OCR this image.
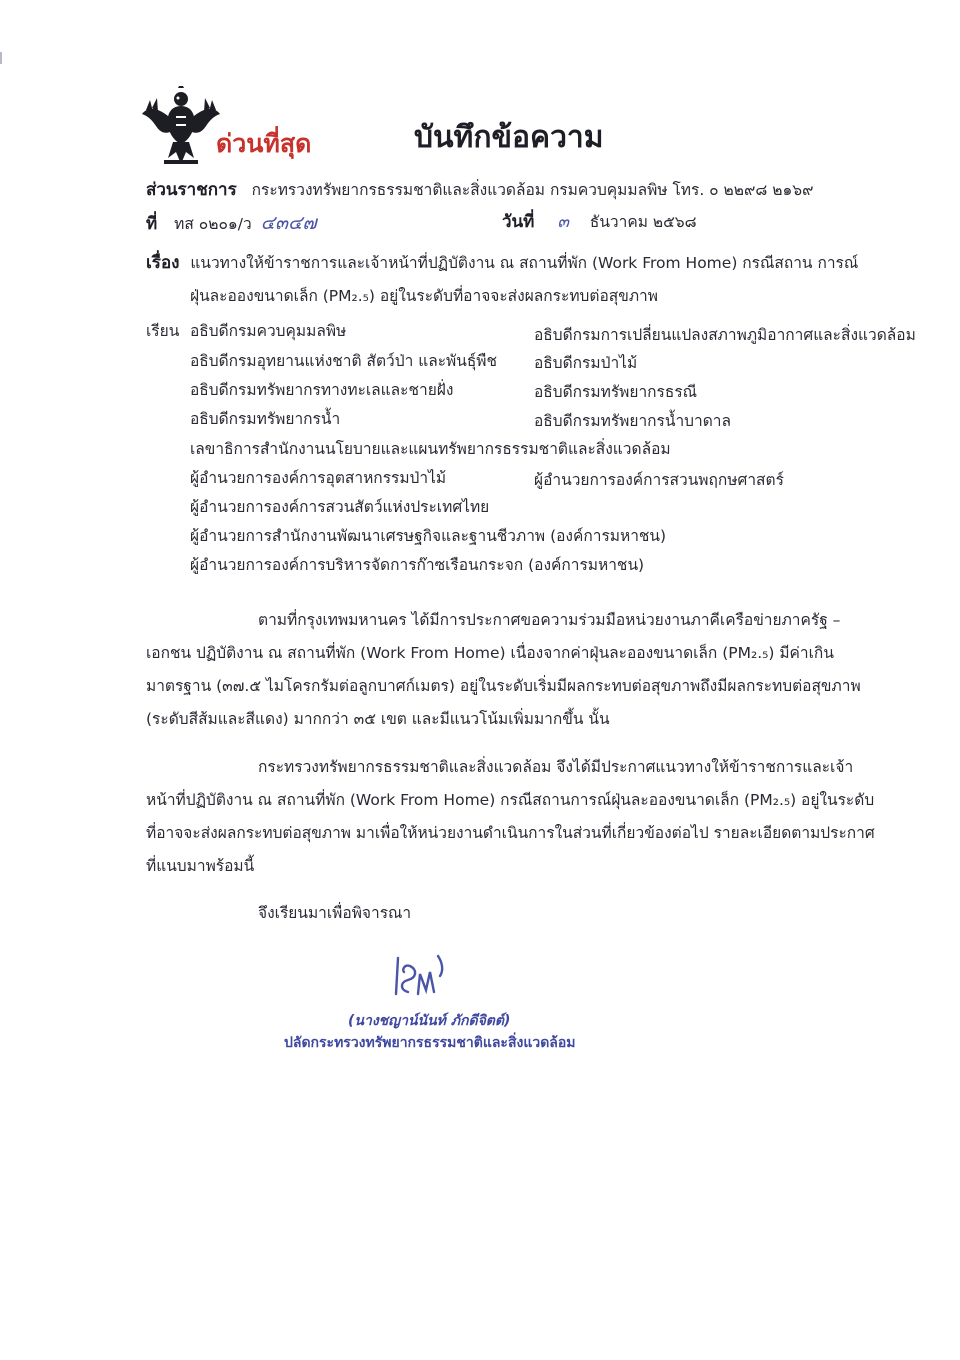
ด่วนที่สุด	บันทึกข้อความ
ส่วนราชการ กระทรวงทรัพยากรธรรมชาติและสิ่งแวดล้อม กรมควบคุมมลพิษ โทร. ๐ ๒๒๙๘ ๒๑๖๙
ที่ ทส ๐๒๐๑/ว ๔๓๔๗	วันที่ ๓ ธันวาคม ๒๕๖๘
เรื่อง แนวทางให้ข้าราชการและเจ้าหน้าที่ปฏิบัติงาน ณ สถานที่พัก (Work From Home) กรณีสถาน การณ์
ฝุ่นละอองขนาดเล็ก (PM₂.₅) อยู่ในระดับที่อาจจะส่งผลกระทบต่อสุขภาพ
เรียน อธิบดีกรมควบคุมมลพิษ
อธิบดีกรมอุทยานแห่งชาติ สัตว์ป่า และพันธุ์พืช
อธิบดีกรมทรัพยากรทางทะเลและชายฝั่ง
อธิบดีกรมทรัพยากรน้ำ
เลขาธิการสำนักงานนโยบายและแผนทรัพยากรธรรมชาติและสิ่งแวดล้อม
ผู้อำนวยการองค์การอุตสาหกรรมป่าไม้
ผู้อำนวยการองค์การสวนสัตว์แห่งประเทศไทย
ผู้อำนวยการสำนักงานพัฒนาเศรษฐกิจและฐานชีวภาพ (องค์การมหาชน)
ผู้อำนวยการองค์การบริหารจัดการก๊าซเรือนกระจก (องค์การมหาชน)
อธิบดีกรมการเปลี่ยนแปลงสภาพภูมิอากาศและสิ่งแวดล้อม
อธิบดีกรมป่าไม้
อธิบดีกรมทรัพยากรธรณี
อธิบดีกรมทรัพยากรน้ำบาดาล
ผู้อำนวยการองค์การสวนพฤกษศาสตร์
ตามที่กรุงเทพมหานคร ได้มีการประกาศขอความร่วมมือหน่วยงานภาคีเครือข่ายภาครัฐ – เอกชน ปฏิบัติงาน ณ สถานที่พัก (Work From Home) เนื่องจากค่าฝุ่นละอองขนาดเล็ก (PM₂.₅) มีค่าเกินมาตรฐาน (๓๗.๕ ไมโครกรัมต่อลูกบาศก์เมตร) อยู่ในระดับเริ่มมีผลกระทบต่อสุขภาพถึงมีผลกระทบต่อสุขภาพ (ระดับสีส้มและสีแดง) มากกว่า ๓๕ เขต และมีแนวโน้มเพิ่มมากขึ้น นั้น
กระทรวงทรัพยากรธรรมชาติและสิ่งแวดล้อม จึงได้มีประกาศแนวทางให้ข้าราชการและเจ้าหน้าที่ปฏิบัติงาน ณ สถานที่พัก (Work From Home) กรณีสถานการณ์ฝุ่นละอองขนาดเล็ก (PM₂.₅) อยู่ในระดับที่อาจจะส่งผลกระทบต่อสุขภาพ มาเพื่อให้หน่วยงานดำเนินการในส่วนที่เกี่ยวข้องต่อไป รายละเอียดตามประกาศที่แนบมาพร้อมนี้
จึงเรียนมาเพื่อพิจารณา
(นางชญาน์นันท์ ภักดีจิตต์)
ปลัดกระทรวงทรัพยากรธรรมชาติและสิ่งแวดล้อม
